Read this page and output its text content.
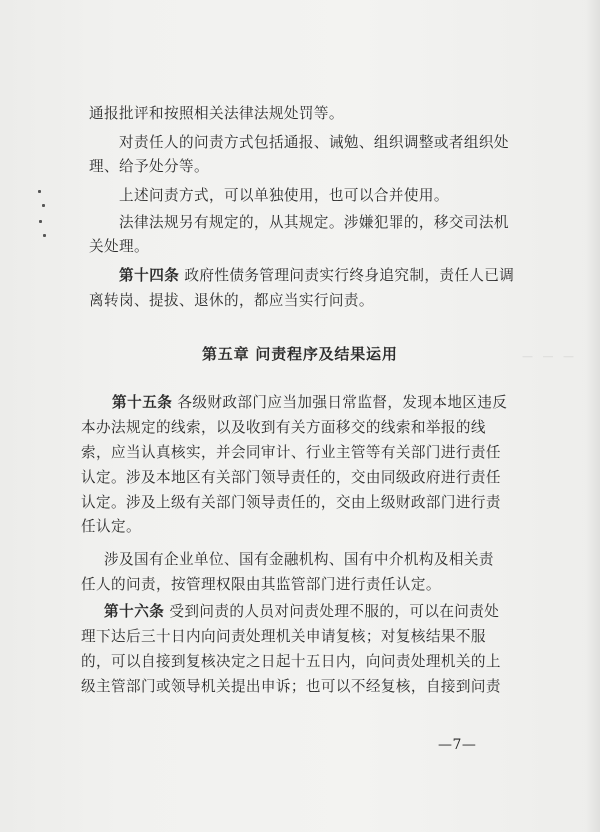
通报批评和按照相关法律法规处罚等。
对责任人的问责方式包括通报、诫勉、组织调整或者组织处
理、给予处分等。
上述问责方式，可以单独使用，也可以合并使用。
法律法规另有规定的，从其规定。涉嫌犯罪的，移交司法机
关处理。
第十四条 政府性债务管理问责实行终身追究制，责任人已调
离转岗、提拔、退休的，都应当实行问责。
第五章 问责程序及结果运用	— — —
第十五条 各级财政部门应当加强日常监督，发现本地区违反
本办法规定的线索，以及收到有关方面移交的线索和举报的线
索，应当认真核实，并会同审计、行业主管等有关部门进行责任
认定。涉及本地区有关部门领导责任的，交由同级政府进行责任
认定。涉及上级有关部门领导责任的，交由上级财政部门进行责
任认定。
涉及国有企业单位、国有金融机构、国有中介机构及相关责
任人的问责，按管理权限由其监管部门进行责任认定。
第十六条 受到问责的人员对问责处理不服的，可以在问责处
理下达后三十日内向问责处理机关申请复核；对复核结果不服
的，可以自接到复核决定之日起十五日内，向问责处理机关的上
级主管部门或领导机关提出申诉；也可以不经复核，自接到问责
—7—
